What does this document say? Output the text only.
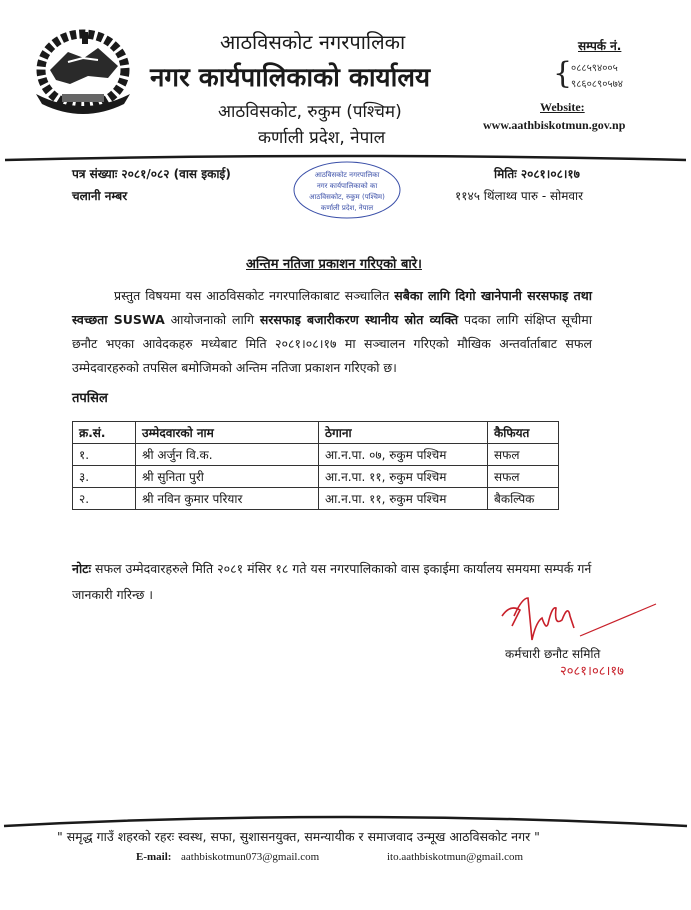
आठविसकोट नगरपालिका
नगर कार्यपालिकाको कार्यालय
आठविसकोट, रुकुम (पश्चिम)
कर्णाली प्रदेश, नेपाल
सम्पर्क नं.
{
०८८५९४००५
९८६०८९०५७४
Website:
www.aathbiskotmun.gov.np
आठविसकोट नगरपालिका
नगर कार्यपालिकाको का
आठविसकोट, रुकुम (पश्चिम)
कर्णाली प्रदेश, नेपाल
पत्र संख्याः २०८१/०८२ (वास इकाई)
चलानी नम्बर
मितिः २०८१।०८।१७
११४५ थिंलाथ्व पारु - सोमवार
अन्तिम नतिजा प्रकाशन गरिएको बारे।
प्रस्तुत विषयमा यस आठविसकोट नगरपालिकाबाट सञ्चालित सबैका लागि दिगो खानेपानी सरसफाइ तथा स्वच्छता SUSWA आयोजनाको लागि सरसफाइ बजारीकरण स्थानीय स्रोत व्यक्ति पदका लागि संक्षिप्त सूचीमा छनौट भएका आवेदकहरु मध्येबाट मिति २०८१।०८।१७ मा सञ्चालन गरिएको मौखिक अन्तर्वार्ताबाट सफल उम्मेदवारहरुको तपसिल बमोजिमको अन्तिम नतिजा प्रकाशन गरिएको छ।
तपसिल
क्र.सं.	उम्मेदवारको नाम	ठेगाना	कैफियत
१.	श्री अर्जुन वि.क.	आ.न.पा. ०७, रुकुम पश्चिम	सफल
३.	श्री सुनिता पुरी	आ.न.पा. ११, रुकुम पश्चिम	सफल
२.	श्री नविन कुमार परियार	आ.न.पा. ११, रुकुम पश्चिम	बैकल्पिक
नोटः सफल उम्मेदवारहरुले मिति २०८१ मंसिर १८ गते यस नगरपालिकाको वास इकाईमा कार्यालय समयमा सम्पर्क गर्न जानकारी गरिन्छ ।
कर्मचारी छनौट समिति
२०८१।०८।१७
" समृद्ध गाउँ शहरको रहरः स्वस्थ, सफा, सुशासनयुक्त, समन्यायीक र समाजवाद उन्मूख आठविसकोट नगर "
E-mail: aathbiskotmun073@gmail.com	ito.aathbiskotmun@gmail.com
